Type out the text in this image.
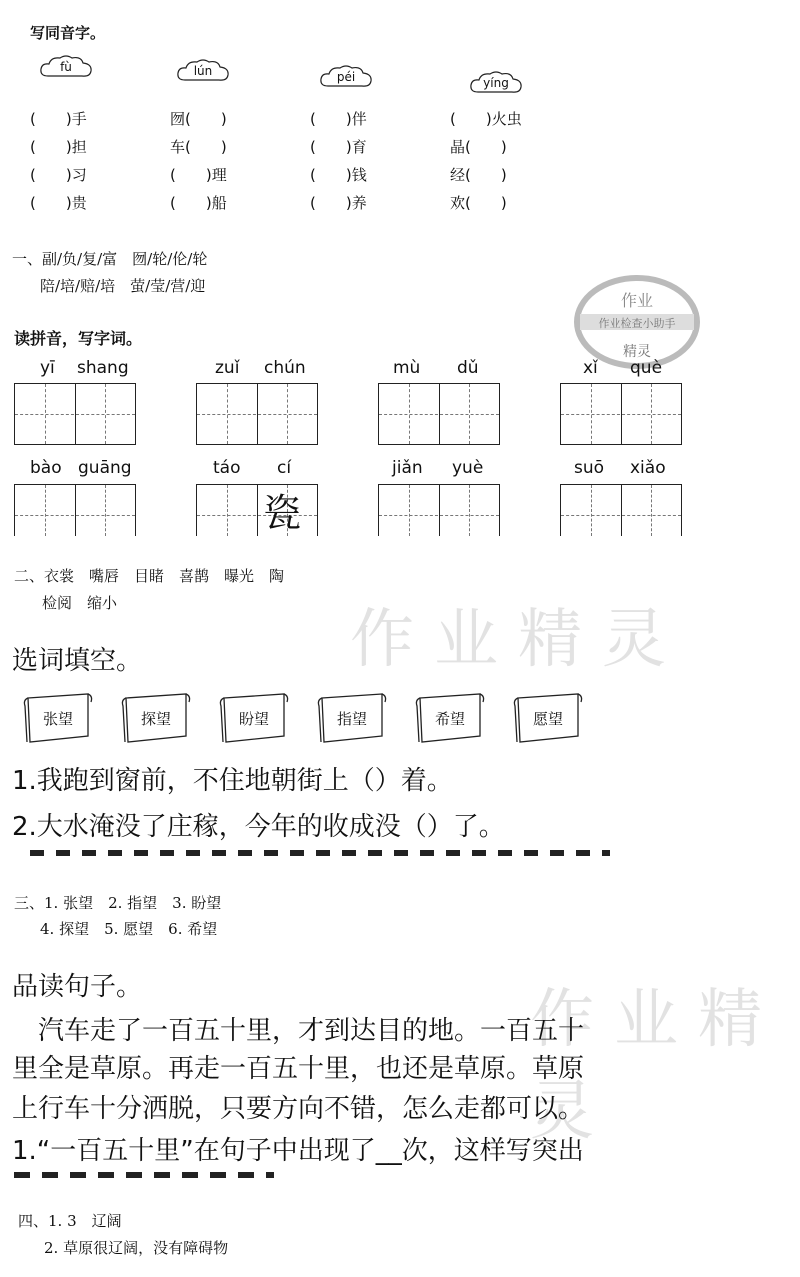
写同音字。
fù	lún	péi	yíng
(　　)手	囫(　　)	(　　)伴	(　　)火虫
(　　)担	车(　　)	(　　)育	晶(　　)
(　　)习	(　　)理	(　　)钱	经(　　)
(　　)贵	(　　)船	(　　)养	欢(　　)
一、副/负/复/富　囫/轮/伦/轮
陪/培/赔/培　萤/莹/营/迎
作业
作业检查小助手
精灵
读拼音，写字词。
yī shang	zuǐ chún	mù dǔ	xǐ què
bào guāng	táo cí	jiǎn yuè	suō xiǎo
瓷
二、衣裳　嘴唇　目睹　喜鹊　曝光　陶
检阅　缩小	作业精灵
选词填空。
张望	探望	盼望	指望	希望	愿望
1.我跑到窗前，不住地朝街上（）着。
2.大水淹没了庄稼，今年的收成没（）了。
三、1. 张望　2. 指望　3. 盼望
4. 探望　5. 愿望　6. 希望
作业精灵
品读句子。
　汽车走了一百五十里，才到达目的地。一百五十
里全是草原。再走一百五十里，也还是草原。草原
上行车十分洒脱，只要方向不错，怎么走都可以。
1.“一百五十里”在句子中出现了__次，这样写突出
四、1. 3　辽阔
2. 草原很辽阔，没有障碍物
